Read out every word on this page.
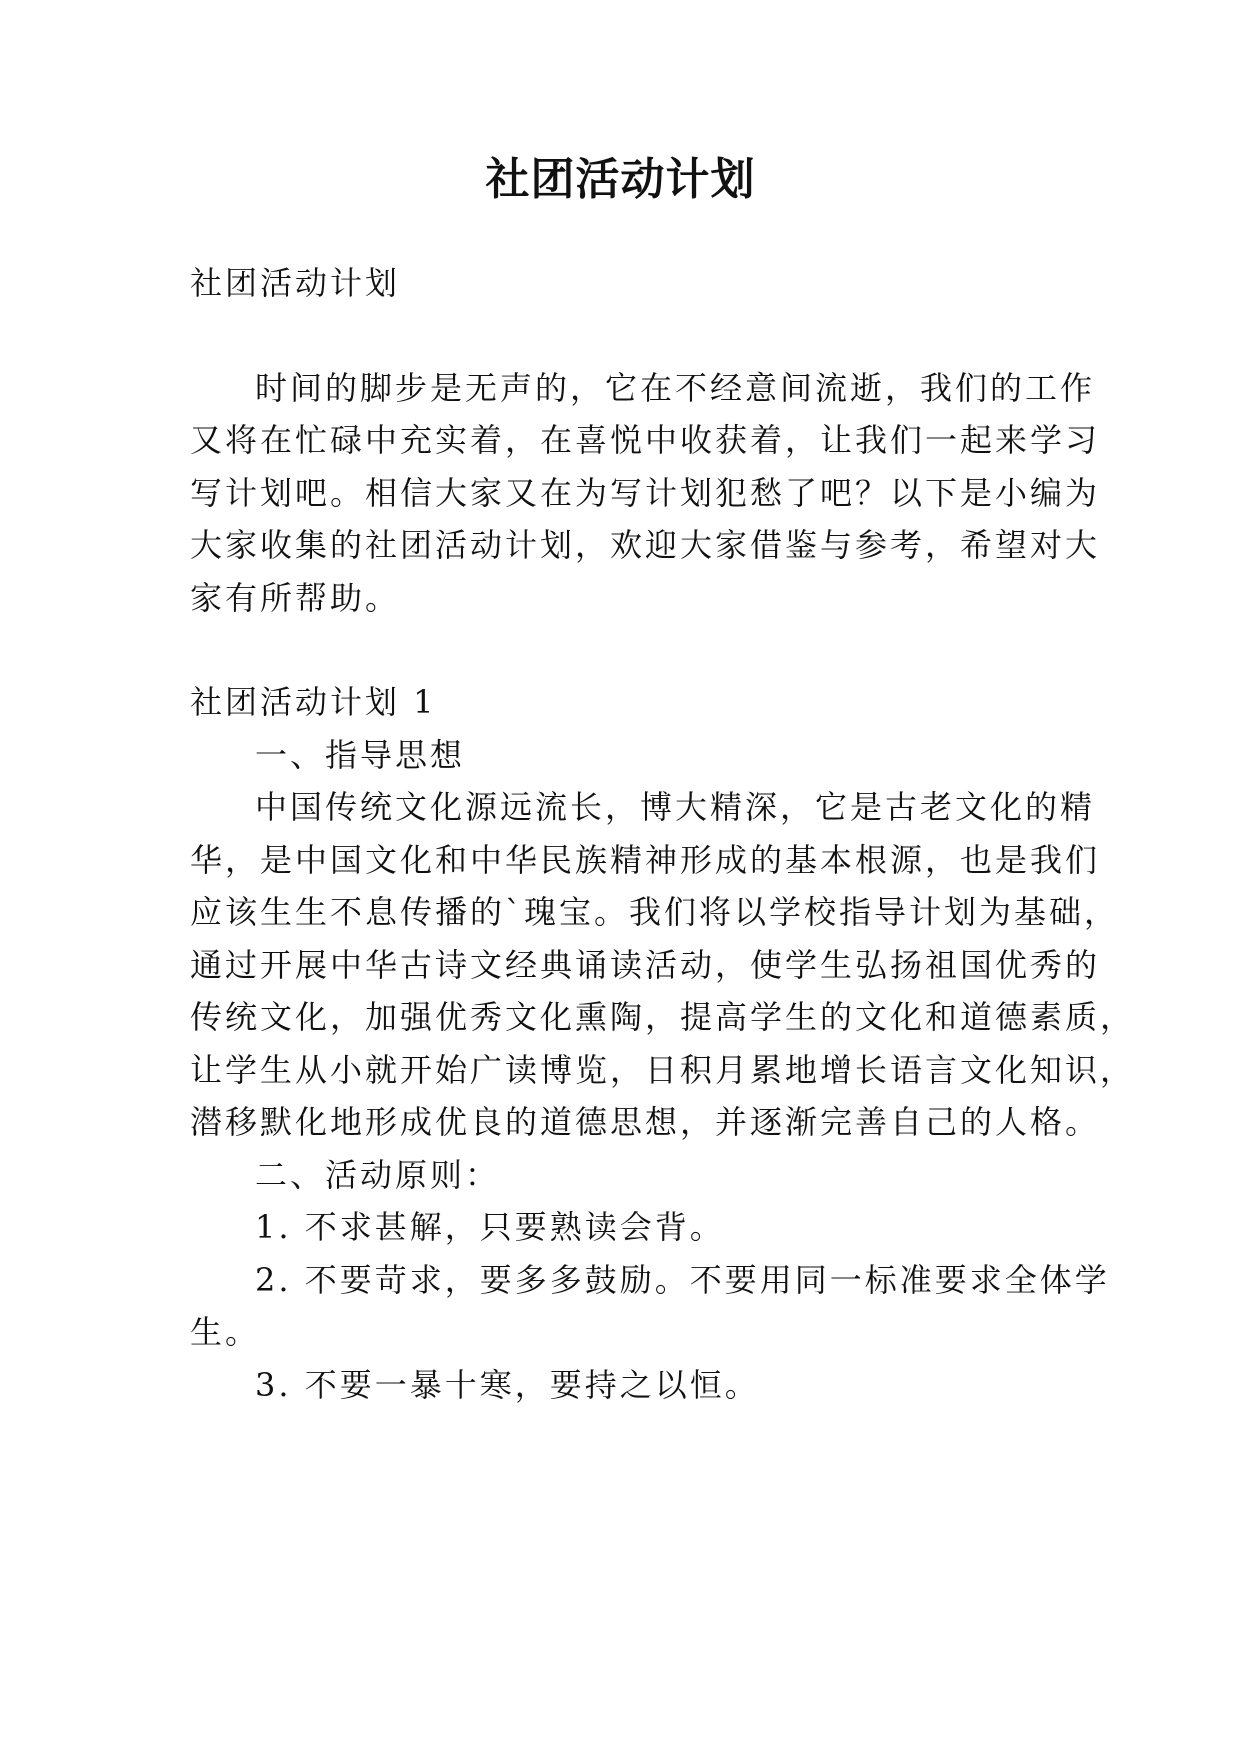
社团活动计划

社团活动计划

时间的脚步是无声的，它在不经意间流逝，我们的工作

又将在忙碌中充实着，在喜悦中收获着，让我们一起来学习

写计划吧。相信大家又在为写计划犯愁了吧？以下是小编为

大家收集的社团活动计划，欢迎大家借鉴与参考，希望对大

家有所帮助。

社团活动计划 1

一、指导思想

中国传统文化源远流长，博大精深，它是古老文化的精

华，是中国文化和中华民族精神形成的基本根源，也是我们

应该生生不息传播的`瑰宝。我们将以学校指导计划为基础，

通过开展中华古诗文经典诵读活动，使学生弘扬祖国优秀的

传统文化，加强优秀文化熏陶，提高学生的文化和道德素质，

让学生从小就开始广读博览，日积月累地增长语言文化知识，

潜移默化地形成优良的道德思想，并逐渐完善自己的人格。

二、活动原则：

1. 不求甚解，只要熟读会背。

2. 不要苛求，要多多鼓励。不要用同一标准要求全体学

生。

3. 不要一暴十寒，要持之以恒。
